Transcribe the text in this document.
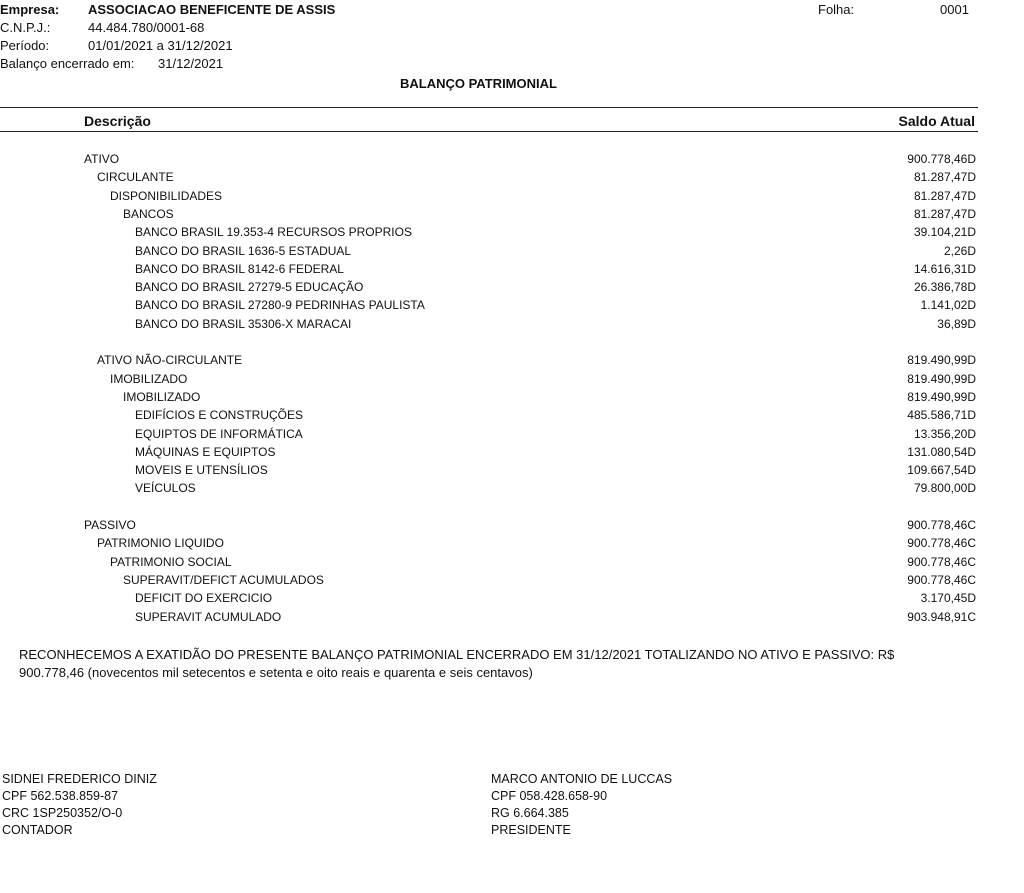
Empresa: ASSOCIACAO BENEFICENTE DE ASSIS
C.N.P.J.:	44.484.780/0001-68
Período:	01/01/2021 a 31/12/2021
Balanço encerrado em: 31/12/2021
Folha:	0001
BALANÇO PATRIMONIAL
Descrição	Saldo Atual
ATIVO	900.778,46D
CIRCULANTE	81.287,47D
DISPONIBILIDADES	81.287,47D
BANCOS	81.287,47D
BANCO BRASIL 19.353-4 RECURSOS PROPRIOS	39.104,21D
BANCO DO BRASIL 1636-5 ESTADUAL	2,26D
BANCO DO BRASIL 8142-6 FEDERAL	14.616,31D
BANCO DO BRASIL 27279-5 EDUCAÇÃO	26.386,78D
BANCO DO BRASIL 27280-9 PEDRINHAS PAULISTA	1.141,02D
BANCO DO BRASIL 35306-X MARACAI	36,89D
ATIVO NÃO-CIRCULANTE	819.490,99D
IMOBILIZADO	819.490,99D
IMOBILIZADO	819.490,99D
EDIFÍCIOS E CONSTRUÇÕES	485.586,71D
EQUIPTOS DE INFORMÁTICA	13.356,20D
MÁQUINAS E EQUIPTOS	131.080,54D
MOVEIS E UTENSÍLIOS	109.667,54D
VEÍCULOS	79.800,00D
PASSIVO	900.778,46C
PATRIMONIO LIQUIDO	900.778,46C
PATRIMONIO SOCIAL	900.778,46C
SUPERAVIT/DEFICT ACUMULADOS	900.778,46C
DEFICIT DO EXERCICIO	3.170,45D
SUPERAVIT ACUMULADO	903.948,91C
RECONHECEMOS A EXATIDÃO DO PRESENTE BALANÇO PATRIMONIAL ENCERRADO EM 31/12/2021 TOTALIZANDO NO ATIVO E PASSIVO: R$ 900.778,46 (novecentos mil setecentos e setenta e oito reais e quarenta e seis centavos)
SIDNEI FREDERICO DINIZ
CPF 562.538.859-87
CRC 1SP250352/O-0
CONTADOR
MARCO ANTONIO DE LUCCAS
CPF 058.428.658-90
RG 6.664.385
PRESIDENTE
